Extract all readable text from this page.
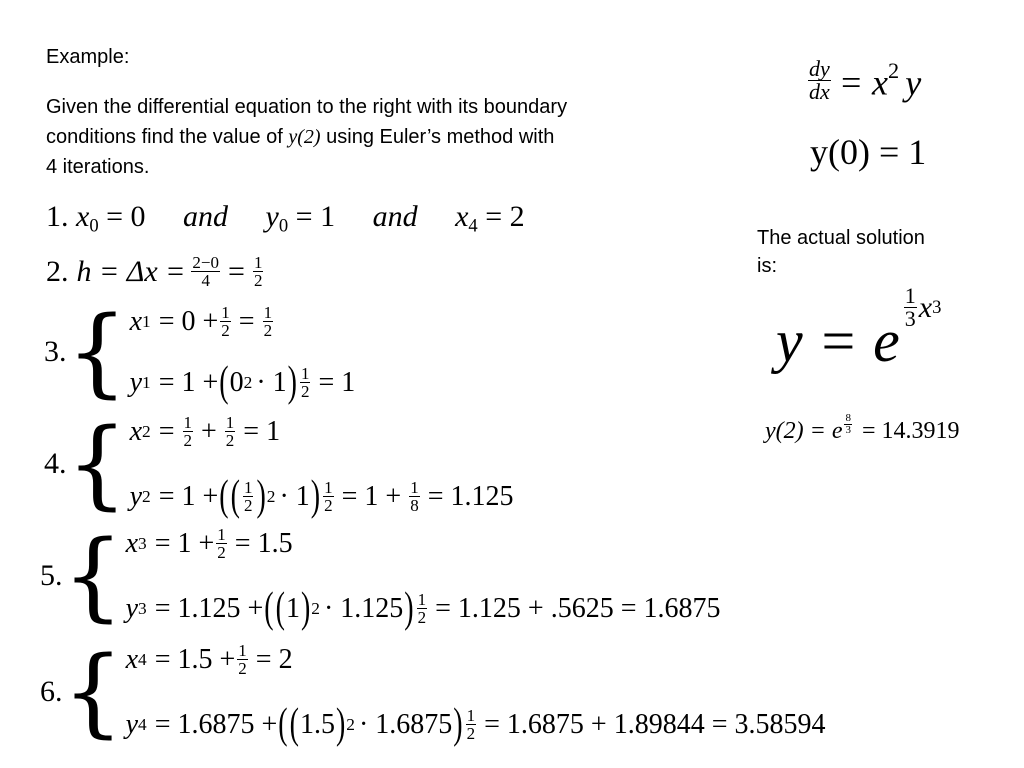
Example:
Given the differential equation to the right with its boundary
conditions find the value of y(2) using Euler’s method with
4 iterations.
$\frac{dy}{dx} = x^2$ y
y(0) = 1
The actual solution
is:
y = e
$\frac{1}{3}$ x 3
y(2) = e $\frac{8}{3} = 14.3919$
1. $x_0 = 0$ and $y_0 = 1$ and $x_4 = 2$
2. $h = \Delta x = \frac{2-0}{4} = \frac{1}{2}$
3. { x $1 = 0 + \frac{1}{2} = \frac{1}{2}$
y 1 = 1 + ( 0 2 · 1 ) $\frac{1}{2} = 1$
4. { x $2 = \frac{1}{2} + \frac{1}{2} = 1$
y 2 = 1 + ( ( $\frac{1}{2}$ ) 2 · 1 ) $\frac{1}{2} = 1 + \frac{1}{8} = 1.125$
5. { x $3 = 1 + \frac{1}{2} = 1.5$
y 3 = 1.125 + ( ( 1 ) 2 · 1.125 ) $\frac{1}{2} = 1.125 + .5625 = 1.6875$
6. { x $4 = 1.5 + \frac{1}{2} = 2$
y 4 = 1.6875 + ( ( 1.5 ) 2 · 1.6875 ) $\frac{1}{2} = 1.6875 + 1.89844 = 3.58594$
